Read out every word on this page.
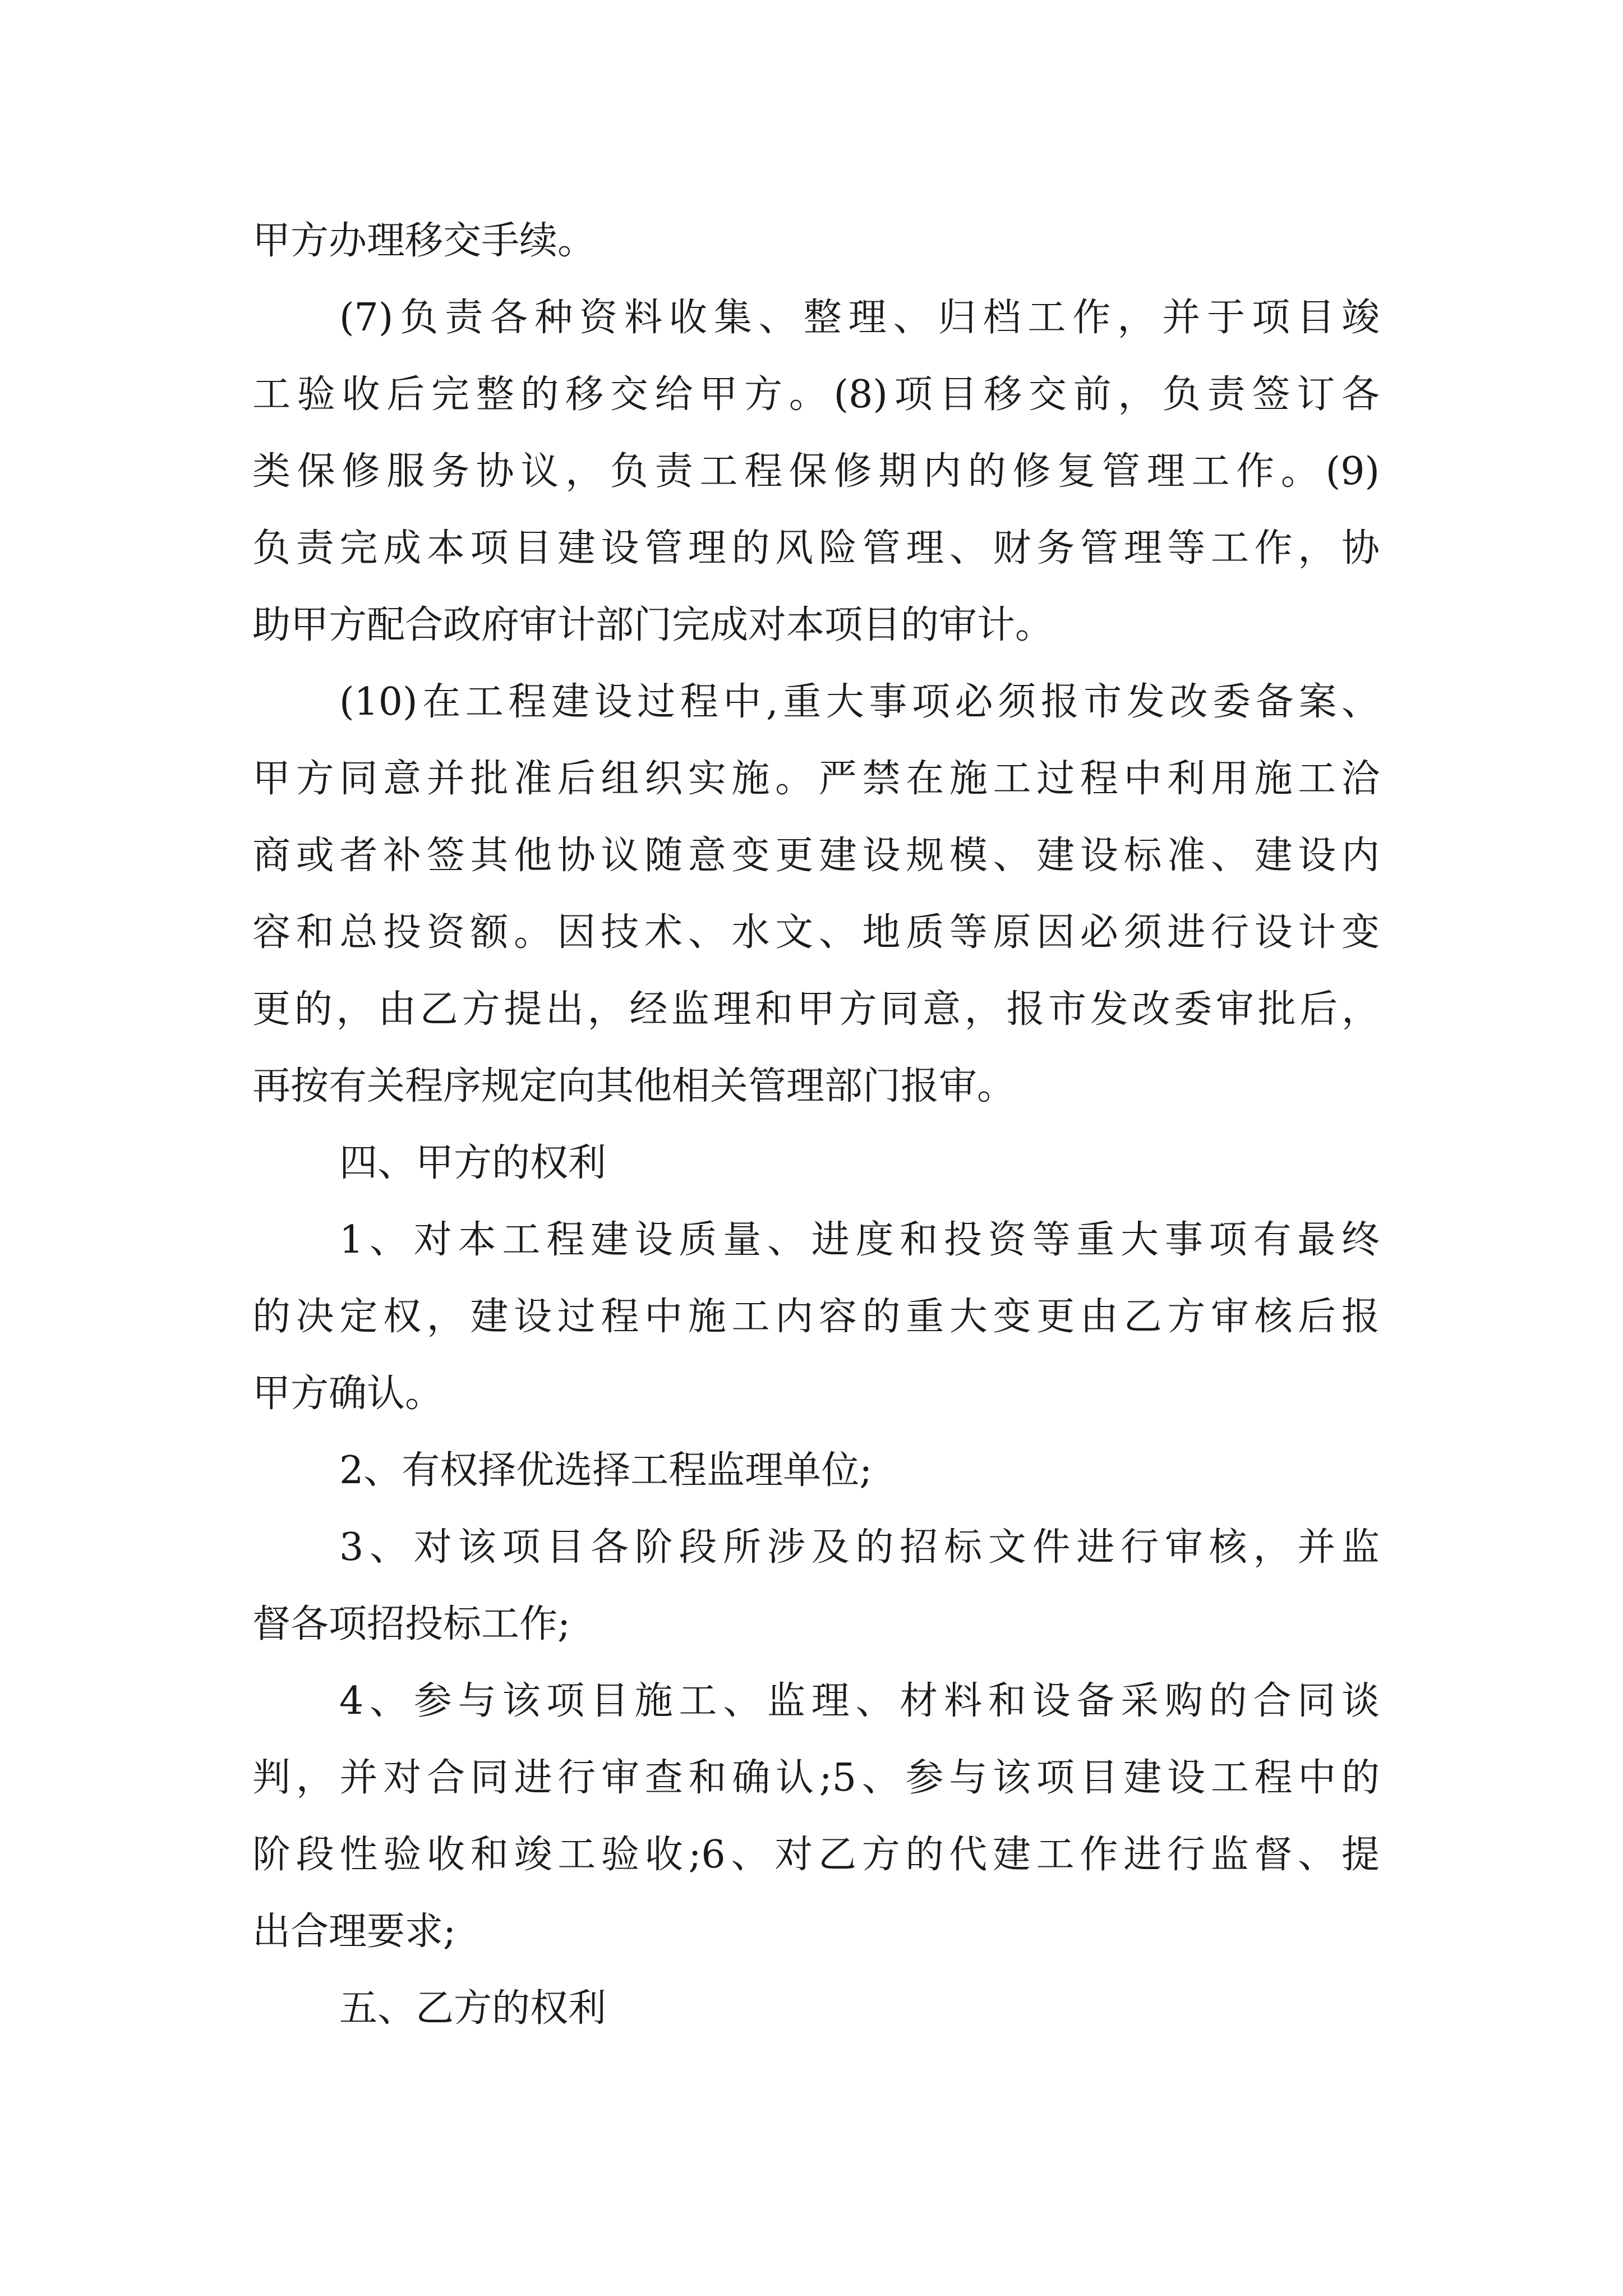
甲方办理移交手续。
(7)负责各种资料收集、整理、归档工作，并于项目竣
工验收后完整的移交给甲方。(8)项目移交前，负责签订各
类保修服务协议，负责工程保修期内的修复管理工作。(9)
负责完成本项目建设管理的风险管理、财务管理等工作，协
助甲方配合政府审计部门完成对本项目的审计。
(10)在工程建设过程中,重大事项必须报市发改委备案、
甲方同意并批准后组织实施。严禁在施工过程中利用施工洽
商或者补签其他协议随意变更建设规模、建设标准、建设内
容和总投资额。因技术、水文、地质等原因必须进行设计变
更的，由乙方提出，经监理和甲方同意，报市发改委审批后，
再按有关程序规定向其他相关管理部门报审。
四、甲方的权利
1、对本工程建设质量、进度和投资等重大事项有最终
的决定权，建设过程中施工内容的重大变更由乙方审核后报
甲方确认。
2、有权择优选择工程监理单位;
3、对该项目各阶段所涉及的招标文件进行审核，并监
督各项招投标工作;
4、参与该项目施工、监理、材料和设备采购的合同谈
判，并对合同进行审查和确认;5、参与该项目建设工程中的
阶段性验收和竣工验收;6、对乙方的代建工作进行监督、提
出合理要求;
五、乙方的权利
